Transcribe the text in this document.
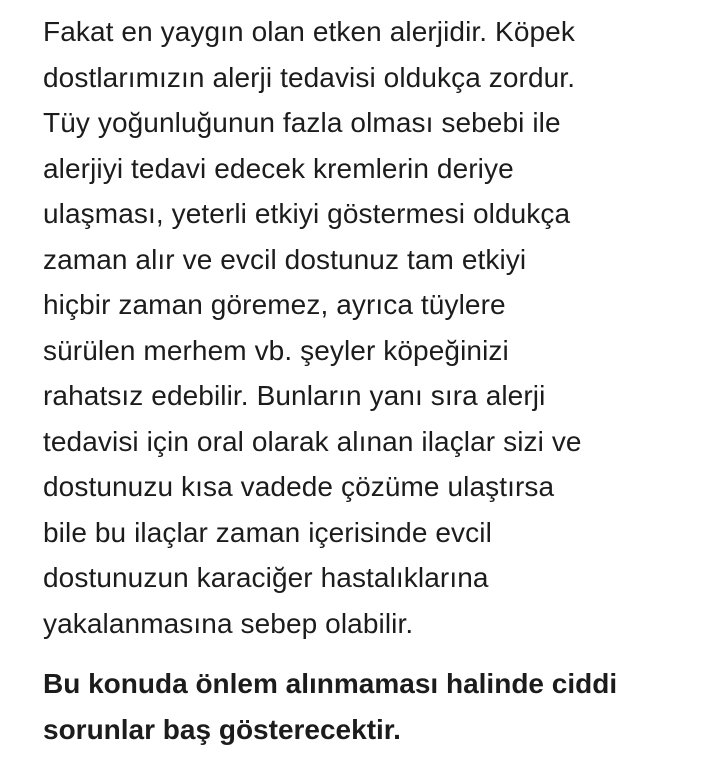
Fakat en yaygın olan etken alerjidir. Köpek
dostlarımızın alerji tedavisi oldukça zordur.
Tüy yoğunluğunun fazla olması sebebi ile
alerjiyi tedavi edecek kremlerin deriye
ulaşması, yeterli etkiyi göstermesi oldukça
zaman alır ve evcil dostunuz tam etkiyi
hiçbir zaman göremez, ayrıca tüylere
sürülen merhem vb. şeyler köpeğinizi
rahatsız edebilir. Bunların yanı sıra alerji
tedavisi için oral olarak alınan ilaçlar sizi ve
dostunuzu kısa vadede çözüme ulaştırsa
bile bu ilaçlar zaman içerisinde evcil
dostunuzun karaciğer hastalıklarına
yakalanmasına sebep olabilir.

Bu konuda önlem alınmaması halinde ciddi
sorunlar baş gösterecektir.
